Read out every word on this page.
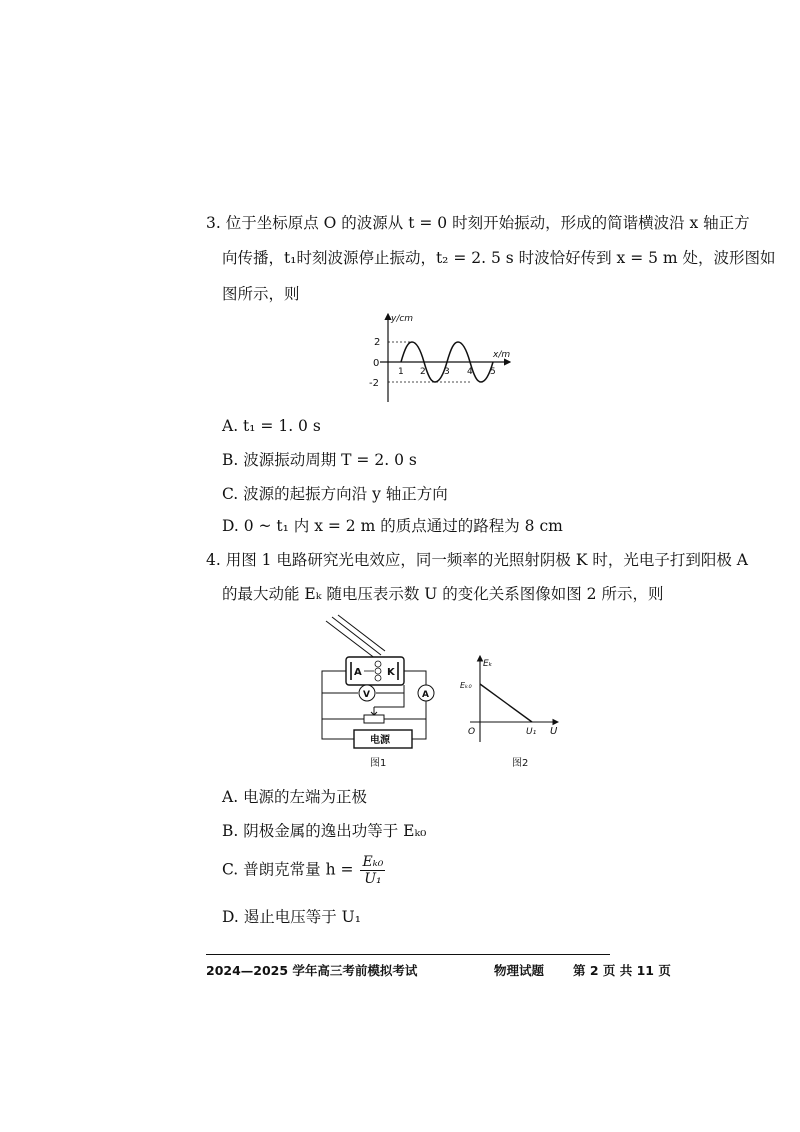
3. 位于坐标原点 O 的波源从 t = 0 时刻开始振动，形成的简谐横波沿 x 轴正方
向传播，t₁时刻波源停止振动，t₂ = 2. 5 s 时波恰好传到 x = 5 m 处，波形图如
图所示，则
y/cm
x/m
0
2
-2
1 2 3 4 5
A. t₁ = 1. 0 s
B. 波源振动周期 T = 2. 0 s
C. 波源的起振方向沿 y 轴正方向
D. 0 ~ t₁ 内 x = 2 m 的质点通过的路程为 8 cm
4. 用图 1 电路研究光电效应，同一频率的光照射阴极 K 时，光电子打到阳极 A
的最大动能 Eₖ 随电压表示数 U 的变化关系图像如图 2 所示，则
A	K
A
V
电源
图1
Eₖ
Eₖ₀
O	U₁ U
图2
A. 电源的左端为正极
B. 阴极金属的逸出功等于 Eₖ₀
C. 普朗克常量 $h = \frac{\text{Eₖ₀}}{\text{U₁}}$
D. 遏止电压等于 U₁
2024—2025 学年高三考前模拟考试	物理试题 第 2 页 共 11 页
